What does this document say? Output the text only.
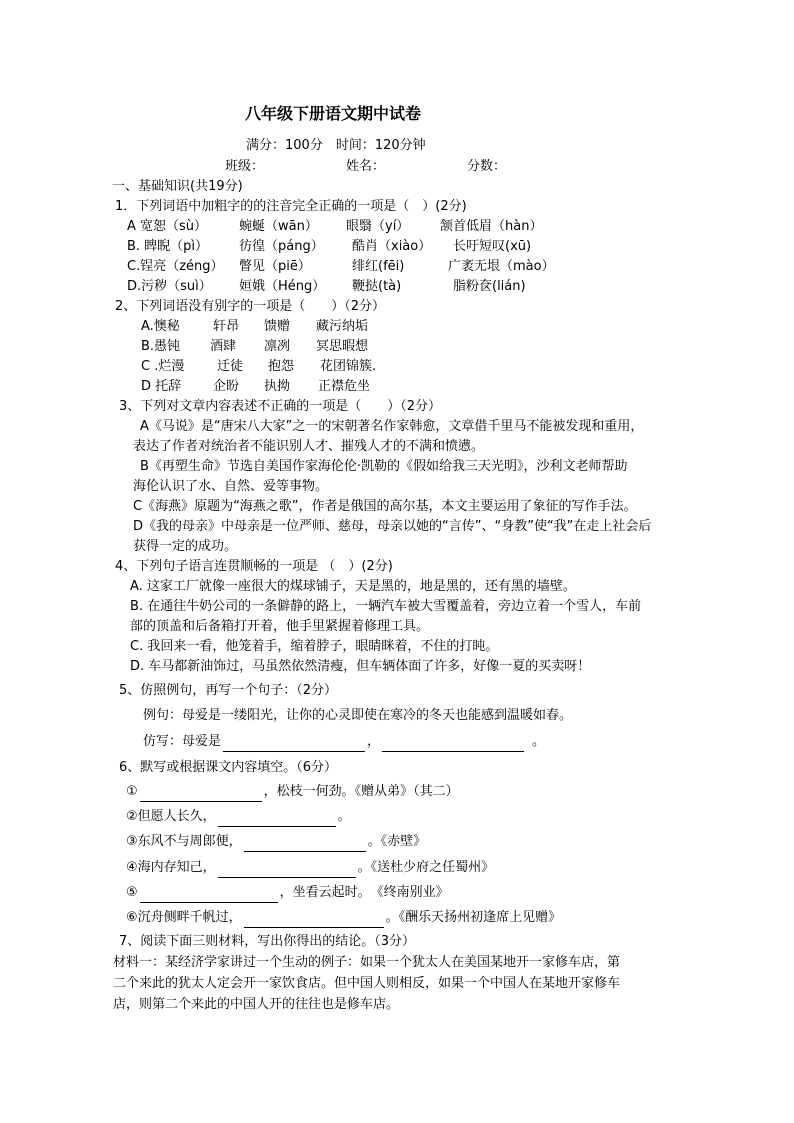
八年级下册语文期中试卷
满分：100分　时间：120分钟
班级：	姓名：	分数：
一、基础知识(共19分)
1．下列词语中加粗字的的注音完全正确的一项是（　）(2分)
A 宽恕（sù） 蜿蜒（wān） 眼翳（yí） 颔首低眉（hàn）
B. 睥睨（pì） 彷徨（páng） 酷肖（xiào） 长吁短叹(xū)
C.锃亮（zéng） 瞥见（piē）	绯红(fēi)	广袤无垠（mào）
D.污秽（suì） 姮娥（Héng） 鞭挞(tà)	脂粉奁(lián)
2、下列词语没有别字的一项是（　　）（2分）
A.懊秘	轩昂 馈赠 藏污纳垢
B.愚钝 酒肆 凛冽 冥思暇想
C .烂漫	迁徒 抱怨 花团锦簇.
D 托辞 企盼 执拗 正襟危坐
3、下列对文章内容表述不正确的一项是（　　）（2分）
A《马说》是“唐宋八大家”之一的宋朝著名作家韩愈，文章借千里马不能被发现和重用，
表达了作者对统治者不能识别人才、摧残人才的不满和愤懑。
B《再塑生命》节选自美国作家海伦伦·凯勒的《假如给我三天光明》，沙利文老师帮助
海伦认识了水、自然、爱等事物。
C《海燕》原题为“海燕之歌”，作者是俄国的高尔基，本文主要运用了象征的写作手法。
D《我的母亲》中母亲是一位严师、慈母，母亲以她的“言传”、“身教”使“我”在走上社会后
获得一定的成功。
4、下列句子语言连贯顺畅的一项是 （　）(2分)
A. 这家工厂就像一座很大的煤球铺子，天是黑的，地是黑的，还有黑的墙壁。
B. 在通往牛奶公司的一条僻静的路上，一辆汽车被大雪覆盖着，旁边立着一个雪人，车前
部的顶盖和后备箱打开着，他手里紧握着修理工具。
C. 我回来一看，他笼着手，缩着脖子，眼睛眯着，不住的打盹。
D. 车马都新油饰过，马虽然依然清瘦，但车辆体面了许多，好像一夏的买卖呀！
5、仿照例句，再写一个句子：（2分）
例句：母爱是一缕阳光，让你的心灵即使在寒冷的冬天也能感到温暖如春。
仿写：母爱是	，	。
6、默写或根据课文内容填空。（6分）
①	，松枝一何劲。《赠从弟》（其二）
②但愿人长久，	。
③东风不与周郎便，	。《赤壁》
④海内存知己，	。《送杜少府之任蜀州》
⑤	，坐看云起时。　《终南别业》
⑥沉舟侧畔千帆过，	。《酬乐天扬州初逢席上见赠》
7、阅读下面三则材料，写出你得出的结论。（3分）
材料一：某经济学家讲过一个生动的例子：如果一个犹太人在美国某地开一家修车店，第
二个来此的犹太人定会开一家饮食店。但中国人则相反，如果一个中国人在某地开家修车
店，则第二个来此的中国人开的往往也是修车店。
